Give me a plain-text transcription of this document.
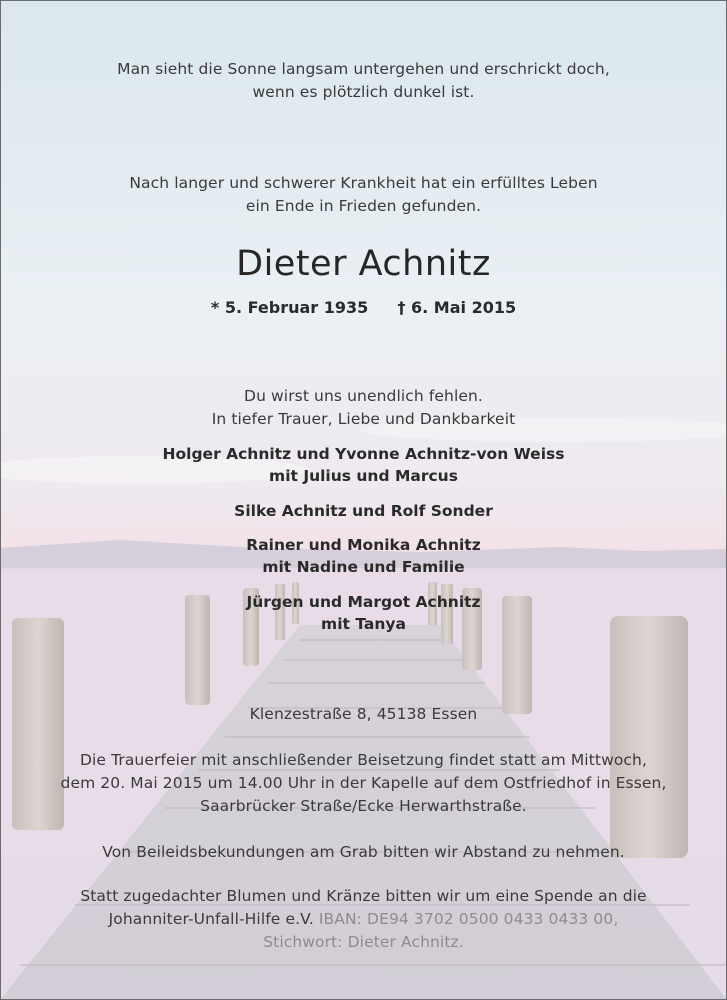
Man sieht die Sonne langsam untergehen und erschrickt doch,
wenn es plötzlich dunkel ist.
Nach langer und schwerer Krankheit hat ein erfülltes Leben
ein Ende in Frieden gefunden.
Dieter Achnitz
* 5. Februar 1935 † 6. Mai 2015
Du wirst uns unendlich fehlen.
In tiefer Trauer, Liebe und Dankbarkeit
Holger Achnitz und Yvonne Achnitz-von Weiss
mit Julius und Marcus
Silke Achnitz und Rolf Sonder
Rainer und Monika Achnitz
mit Nadine und Familie
Jürgen und Margot Achnitz
mit Tanya
Klenzestraße 8, 45138 Essen
Die Trauerfeier mit anschließender Beisetzung findet statt am Mittwoch,
dem 20. Mai 2015 um 14.00 Uhr in der Kapelle auf dem Ostfriedhof in Essen,
Saarbrücker Straße/Ecke Herwarthstraße.
Von Beileidsbekundungen am Grab bitten wir Abstand zu nehmen.
Statt zugedachter Blumen und Kränze bitten wir um eine Spende an die
Johanniter-Unfall-Hilfe e.V. IBAN: DE94 3702 0500 0433 0433 00,
Stichwort: Dieter Achnitz.
